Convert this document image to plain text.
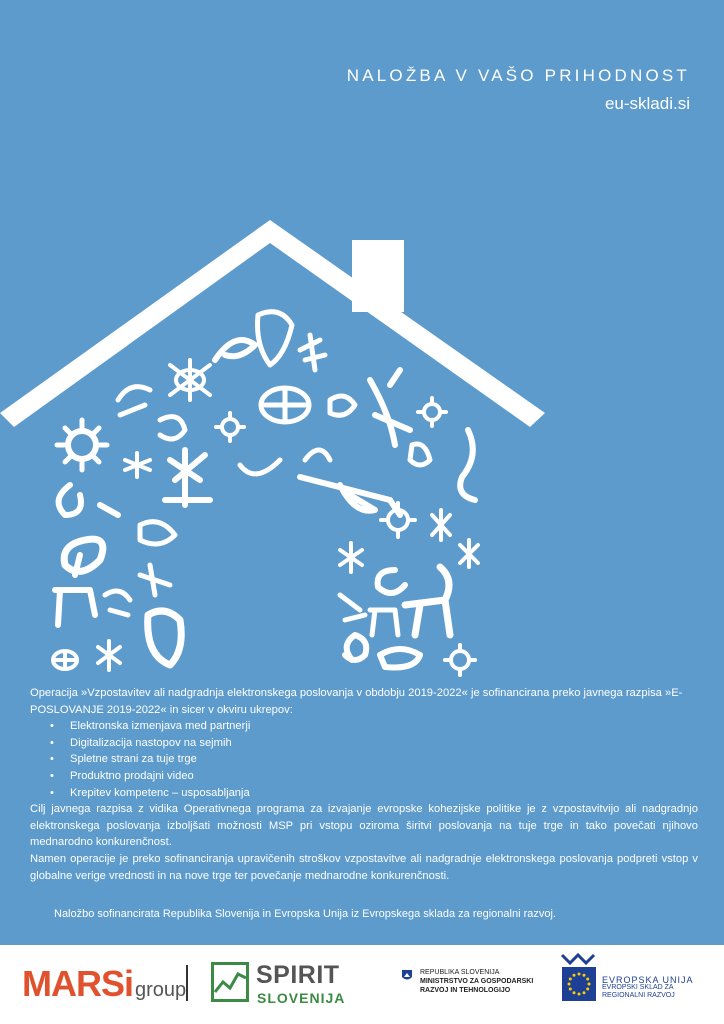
NALOŽBA V VAŠO PRIHODNOST
eu-skladi.si

Operacija »Vzpostavitev ali nadgradnja elektronskega poslovanja v obdobju 2019-2022« je sofinancirana preko javnega razpisa »E-POSLOVANJE 2019-2022« in sicer v okviru ukrepov:

• Elektronska izmenjava med partnerji
• Digitalizacija nastopov na sejmih
• Spletne strani za tuje trge
• Produktno prodajni video
• Krepitev kompetenc – usposabljanja

Cilj javnega razpisa z vidika Operativnega programa za izvajanje evropske kohezijske politike je z vzpostavitvijo ali nadgradnjo elektronskega poslovanja izboljšati možnosti MSP pri vstopu oziroma širitvi poslovanja na tuje trge in tako povečati njihovo mednarodno konkurenčnost.

Namen operacije je preko sofinanciranja upravičenih stroškov vzpostavitve ali nadgradnje elektronskega poslovanja podpreti vstop v globalne verige vrednosti in na nove trge ter povečanje mednarodne konkurenčnosti.

Naložbo sofinancirata Republika Slovenija in Evropska Unija iz Evropskega sklada za regionalni razvoj.
MARSi group
SPIRIT
SLOVENIJA
REPUBLIKA SLOVENIJA
MINISTRSTVO ZA GOSPODARSKI
RAZVOJ IN TEHNOLOGIJO
EVROPSKA UNIJA
EVROPSKI SKLAD ZA
REGIONALNI RAZVOJ
